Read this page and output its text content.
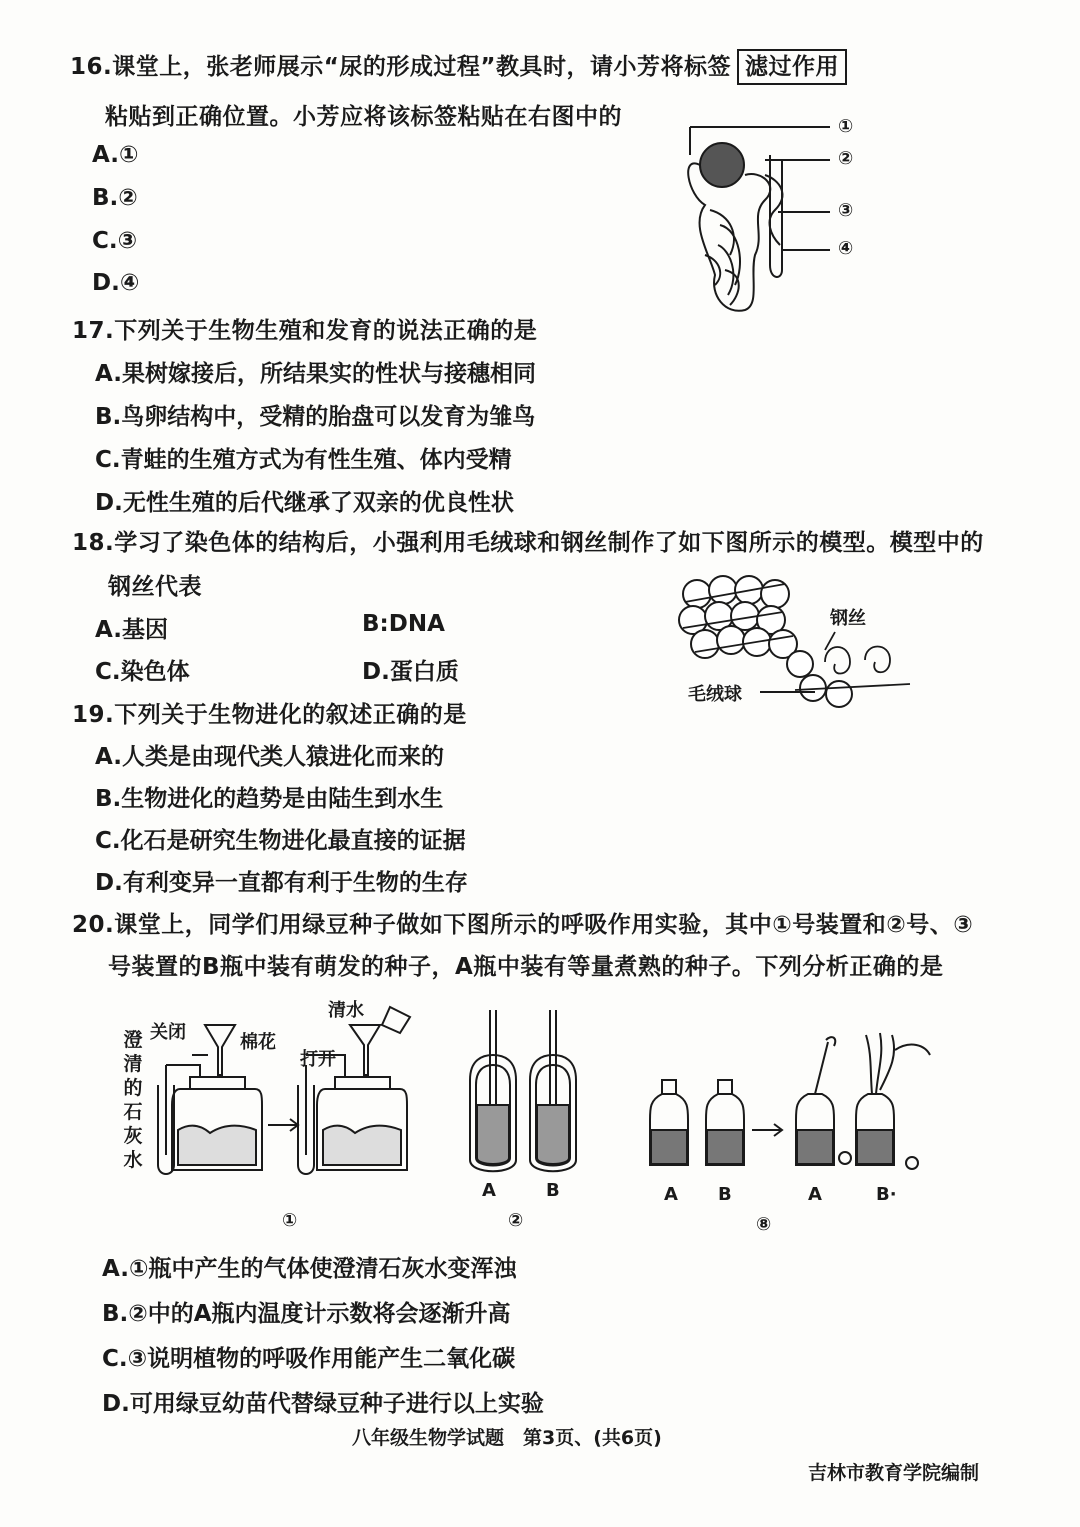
16.课堂上，张老师展示“尿的形成过程”教具时，请小芳将标签 滤过作用
粘贴到正确位置。小芳应将该标签粘贴在右图中的
A.①
B.②
C.③
D.④
①
②
③
④
17.下列关于生物生殖和发育的说法正确的是
A.果树嫁接后，所结果实的性状与接穗相同
B.鸟卵结构中，受精的胎盘可以发育为雏鸟
C.青蛙的生殖方式为有性生殖、体内受精
D.无性生殖的后代继承了双亲的优良性状
18.学习了染色体的结构后，小强利用毛绒球和钢丝制作了如下图所示的模型。模型中的
钢丝代表
A.基因	B:DNA
C.染色体	D.蛋白质
钢丝
毛绒球
19.下列关于生物进化的叙述正确的是
A.人类是由现代类人猿进化而来的
B.生物进化的趋势是由陆生到水生
C.化石是研究生物进化最直接的证据
D.有利变异一直都有利于生物的生存
20.课堂上，同学们用绿豆种子做如下图所示的呼吸作用实验，其中①号装置和②号、③
号装置的B瓶中装有萌发的种子，A瓶中装有等量煮熟的种子。下列分析正确的是
澄清的石灰水
关闭	棉花
打开
清水
①
A	B
②
A B	A	B·
⑧
A.①瓶中产生的气体使澄清石灰水变浑浊
B.②中的A瓶内温度计示数将会逐渐升高
C.③说明植物的呼吸作用能产生二氧化碳
D.可用绿豆幼苗代替绿豆种子进行以上实验
八年级生物学试题　第3页、(共6页)
吉林市教育学院编制
